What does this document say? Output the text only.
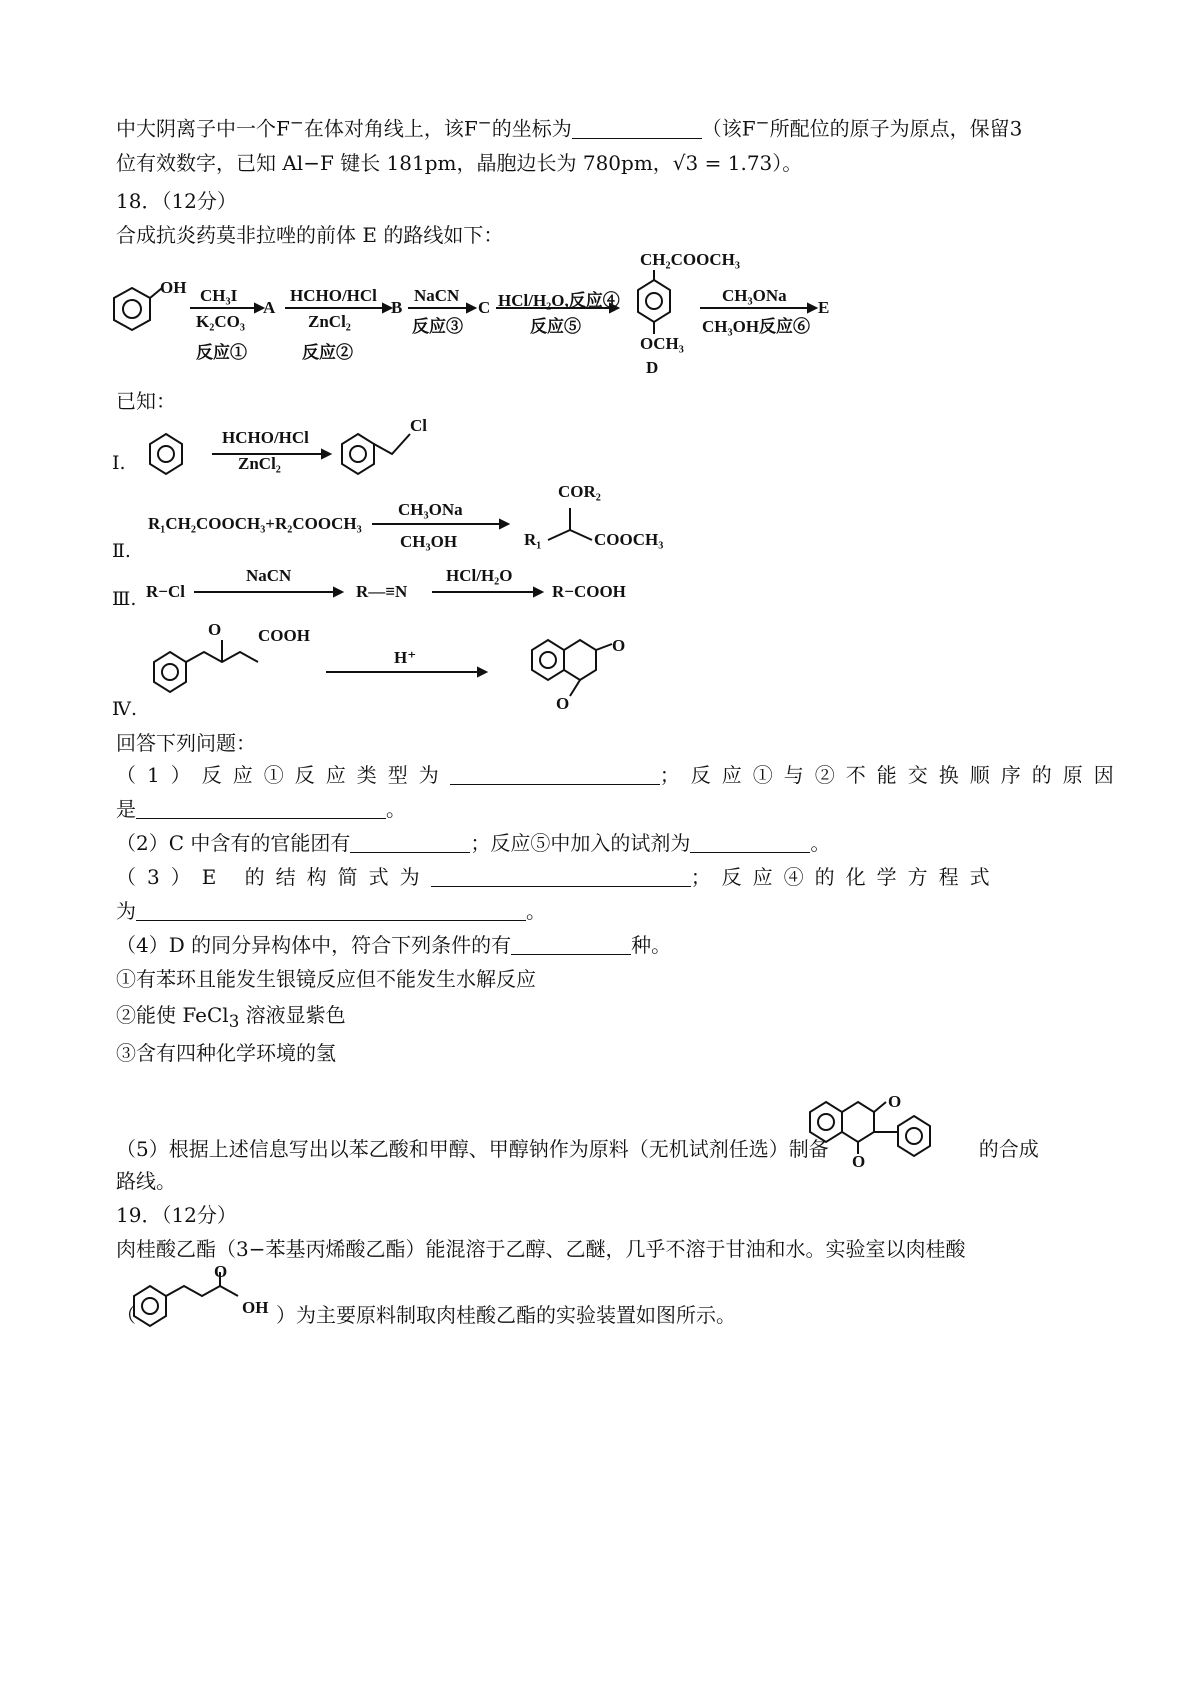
中大阴离子中一个F−在体对角线上，该F−的坐标为	（该F−所配位的原子为原点，保留3
位有效数字，已知 Al−F 键长 181pm，晶胞边长为 780pm，√3 = 1.73）。
18．（12分）
合成抗炎药莫非拉唑的前体 E 的路线如下：
OH CH₃I
K₂CO₃
反应①
A
HCHO/HCl
ZnCl₂
反应②
B
NaCN
反应③
C HCl/H₂O,反应④
反应⑤
CH₂COOCH₃
OCH₃
D
CH₃ONa
CH₃OH反应⑥
E
已知：
Ⅰ.
HCHO/HCl
ZnCl₂
Cl
R₁CH₂COOCH₃+R₂COOCH₃
Ⅱ.
CH₃ONa
CH₃OH
COR₂
R₁	COOCH₃
Ⅲ. R−Cl
NaCN
R—≡N
HCl/H₂O
R−COOH
O COOH
H⁺
O
O
Ⅳ.
回答下列问题：
（1）反应①反应类型为	；反应①与②不能交换顺序的原因
是	。
（2）C 中含有的官能团有	；反应⑤中加入的试剂为	。
（3）E 的结构简式为	；反应④的化学方程式
为	。
（4）D 的同分异构体中，符合下列条件的有	种。
①有苯环且能发生银镜反应但不能发生水解反应
②能使 FeCl$_3$ 溶液显紫色
③含有四种化学环境的氢
O
O
（5）根据上述信息写出以苯乙酸和甲醇、甲醇钠作为原料（无机试剂任选）制备	的合成
路线。
19．（12分）
肉桂酸乙酯（3−苯基丙烯酸乙酯）能混溶于乙醇、乙醚，几乎不溶于甘油和水。实验室以肉桂酸
（
O
OH ）为主要原料制取肉桂酸乙酯的实验装置如图所示。
